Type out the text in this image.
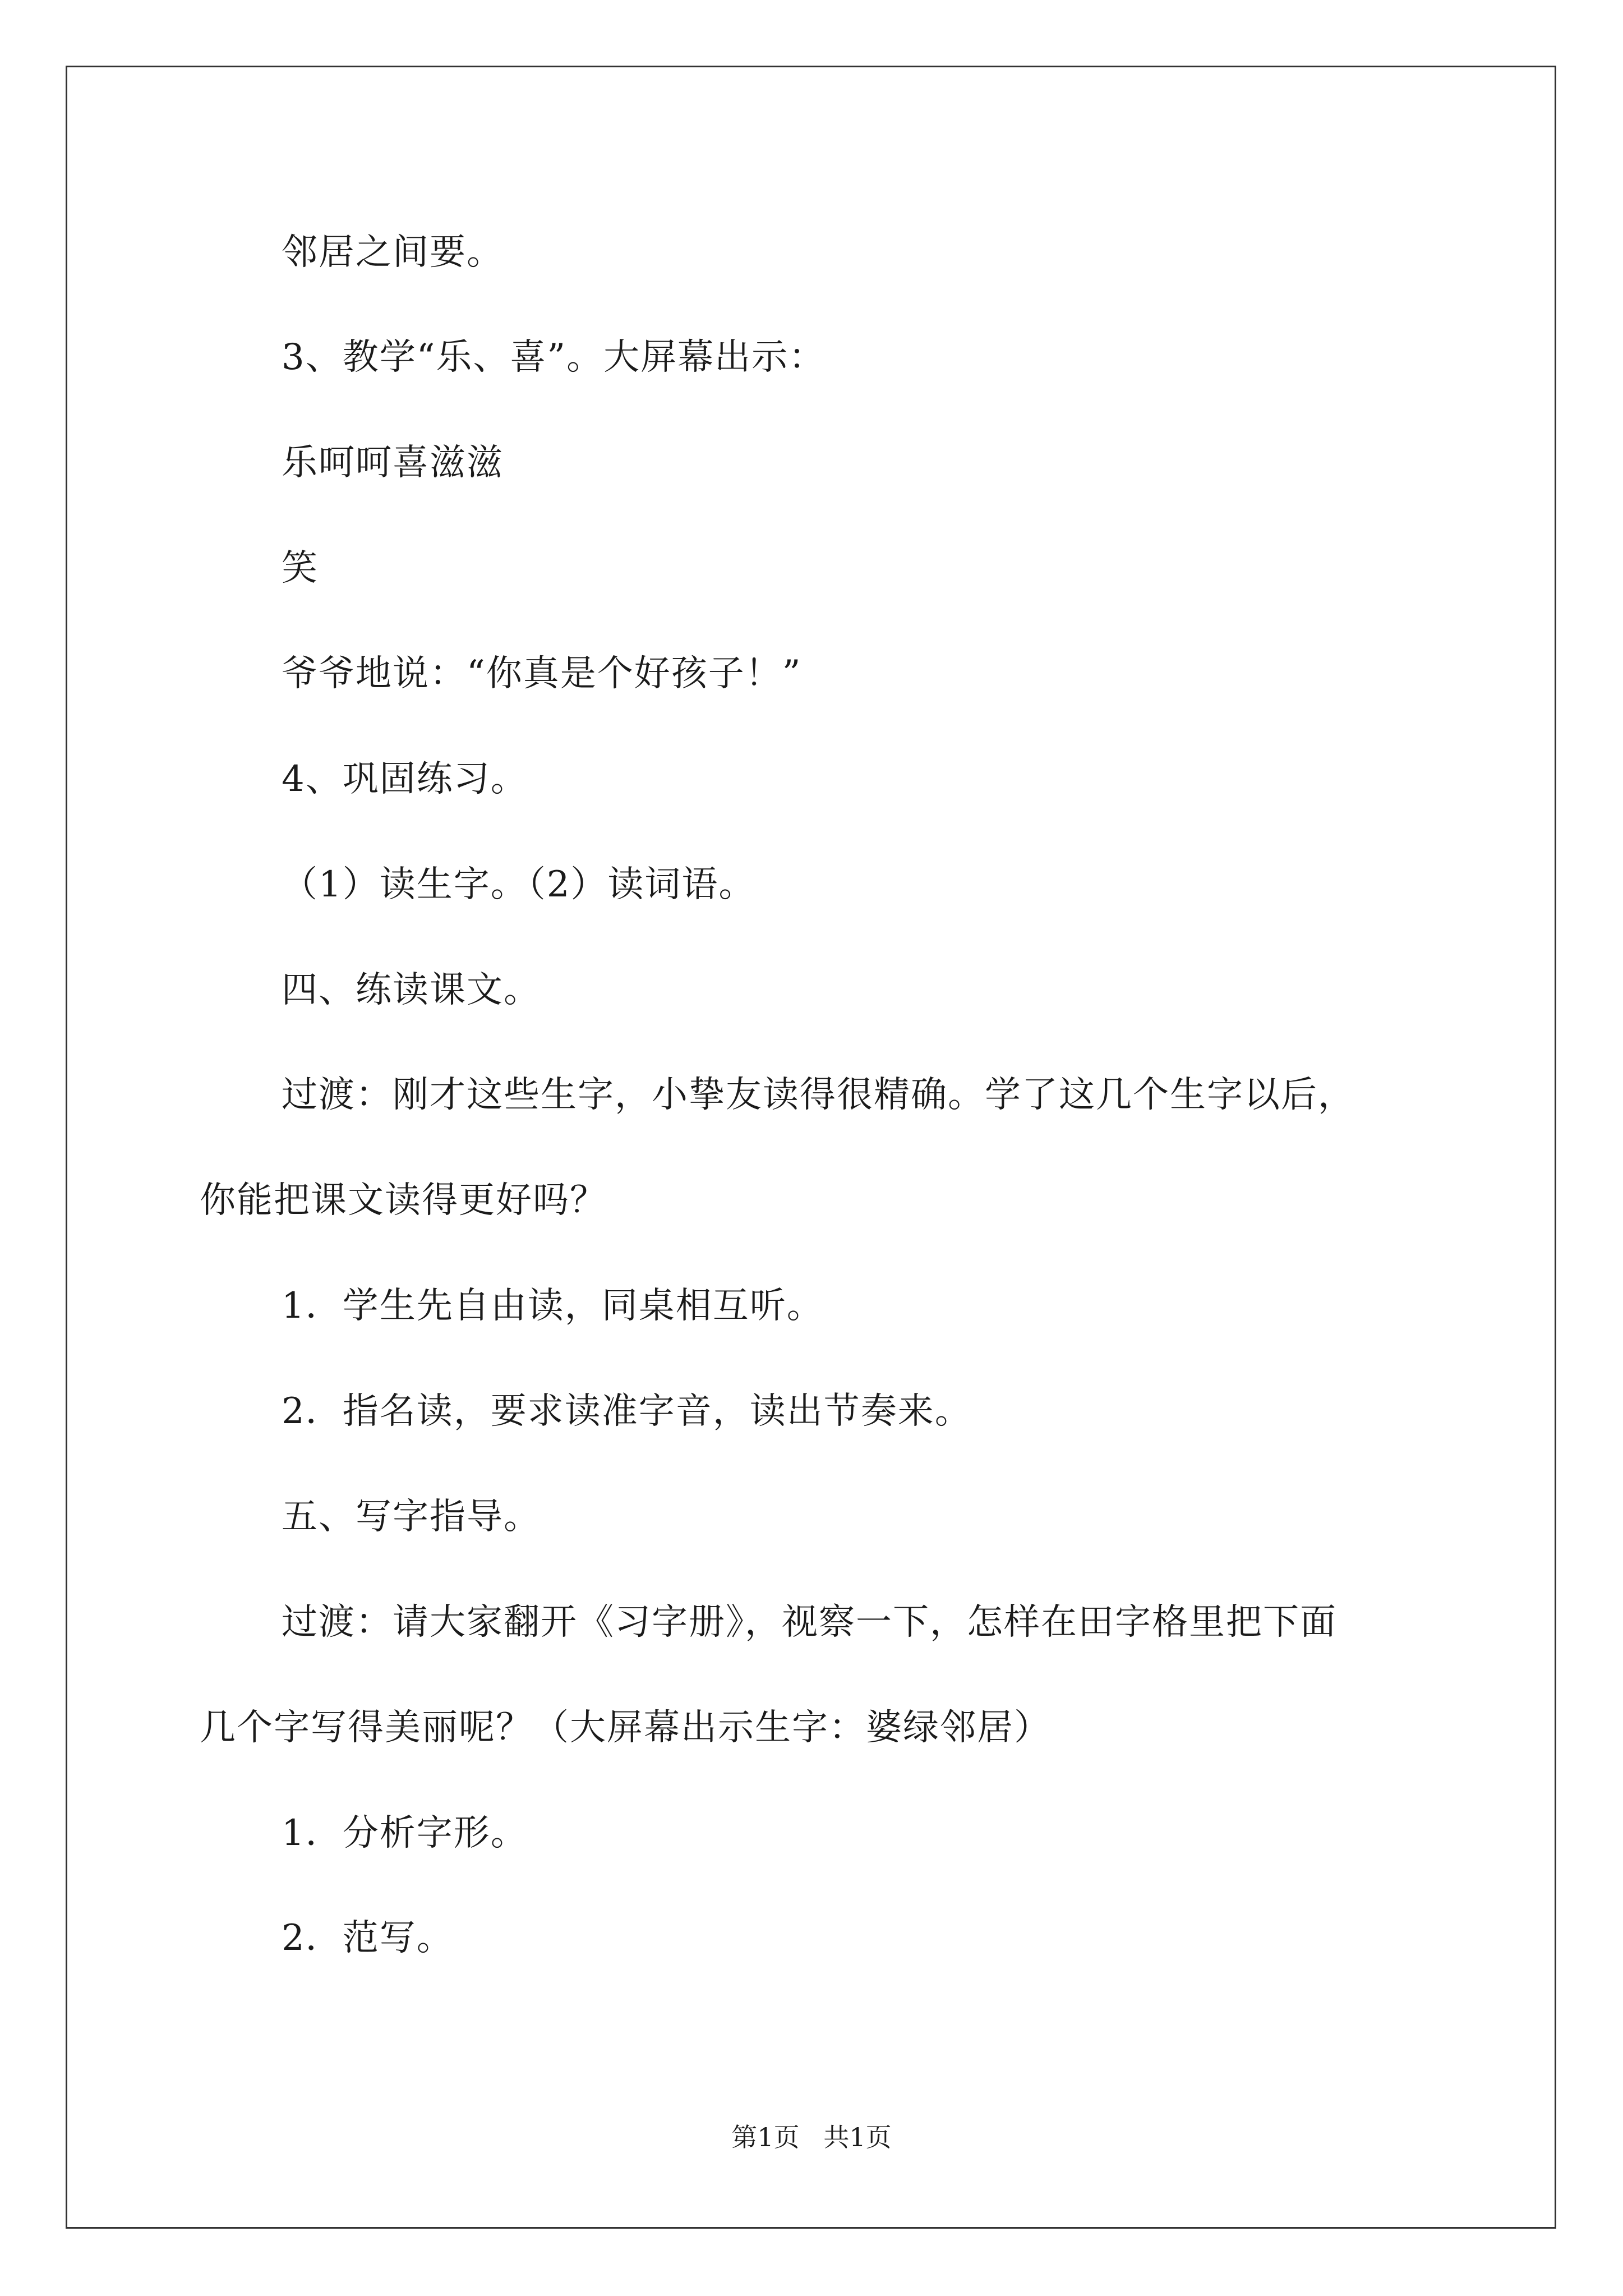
邻居之间要。
3、教学“乐、喜”。大屏幕出示：
乐呵呵喜滋滋
笑
爷爷地说：“你真是个好孩子！”
4、巩固练习。
（1）读生字。（2）读词语。
四、练读课文。
过渡：刚才这些生字，小挚友读得很精确。学了这几个生字以后，
你能把课文读得更好吗？
1．学生先自由读，同桌相互听。
2．指名读，要求读准字音，读出节奏来。
五、写字指导。
过渡：请大家翻开《习字册》，视察一下，怎样在田字格里把下面
几个字写得美丽呢？（大屏幕出示生字：婆绿邻居）
1．分析字形。
2．范写。
第1页 共1页
